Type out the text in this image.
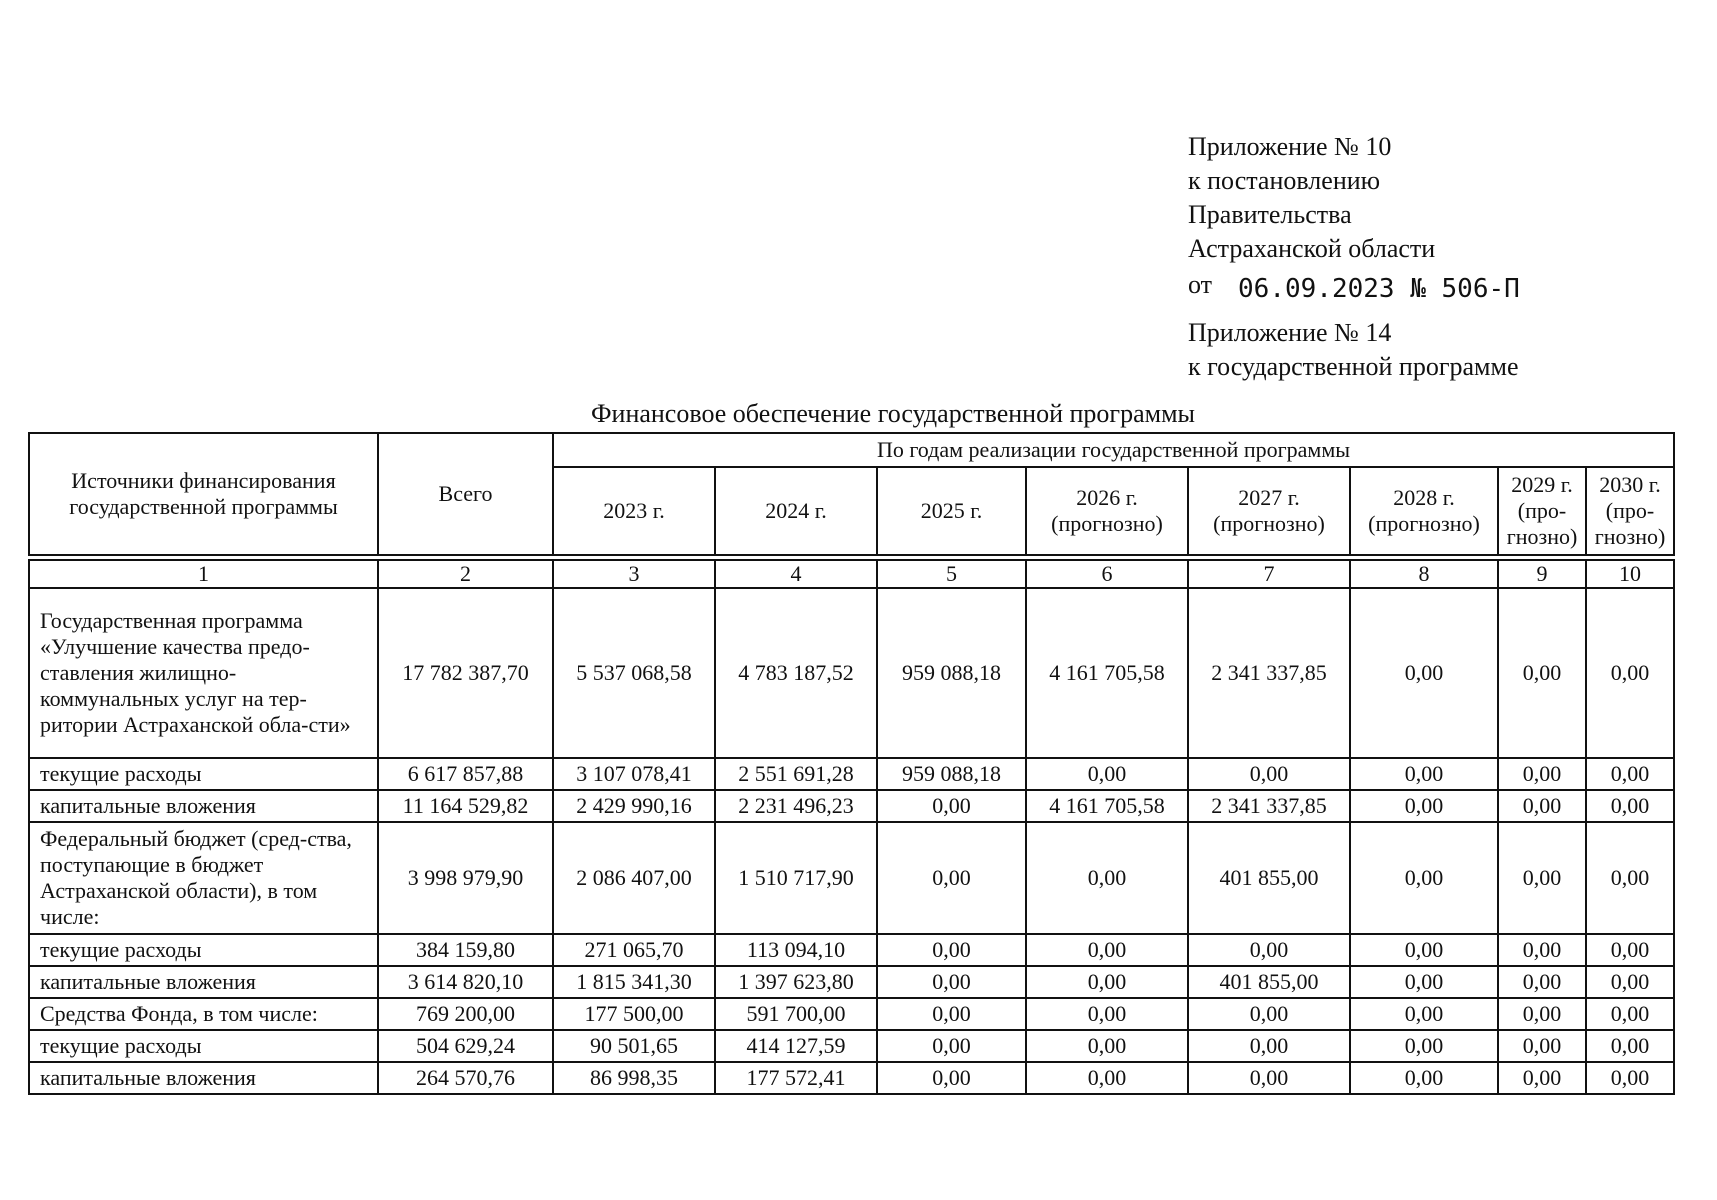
Приложение № 10
к постановлению
Правительства
Астраханской области
от 06.09.2023 № 506-П
Приложение № 14
к государственной программе
Финансовое обеспечение государственной программы
Источники финансирования государственной программы	Всего	По годам реализации государственной программы							
		2023 г.	2024 г.	2025 г.	2026 г. (прогнозно)	2027 г. (прогнозно)	2028 г. (прогнозно)	2029 г. (про-гнозно)	2030 г. (про-гнозно)

1	2	3	4	5	6	7	8	9	10
Государственная программа «Улучшение качества предо-ставления жилищно-коммунальных услуг на тер-ритории Астраханской обла-сти»	17 782 387,70	5 537 068,58	4 783 187,52	959 088,18	4 161 705,58	2 341 337,85	0,00	0,00	0,00
текущие расходы	6 617 857,88	3 107 078,41	2 551 691,28	959 088,18	0,00	0,00	0,00	0,00	0,00
капитальные вложения	11 164 529,82	2 429 990,16	2 231 496,23	0,00	4 161 705,58	2 341 337,85	0,00	0,00	0,00
Федеральный бюджет (сред-ства, поступающие в бюджет Астраханской области), в том числе:	3 998 979,90	2 086 407,00	1 510 717,90	0,00	0,00	401 855,00	0,00	0,00	0,00
текущие расходы	384 159,80	271 065,70	113 094,10	0,00	0,00	0,00	0,00	0,00	0,00
капитальные вложения	3 614 820,10	1 815 341,30	1 397 623,80	0,00	0,00	401 855,00	0,00	0,00	0,00
Средства Фонда, в том числе:	769 200,00	177 500,00	591 700,00	0,00	0,00	0,00	0,00	0,00	0,00
текущие расходы	504 629,24	90 501,65	414 127,59	0,00	0,00	0,00	0,00	0,00	0,00
капитальные вложения	264 570,76	86 998,35	177 572,41	0,00	0,00	0,00	0,00	0,00	0,00
